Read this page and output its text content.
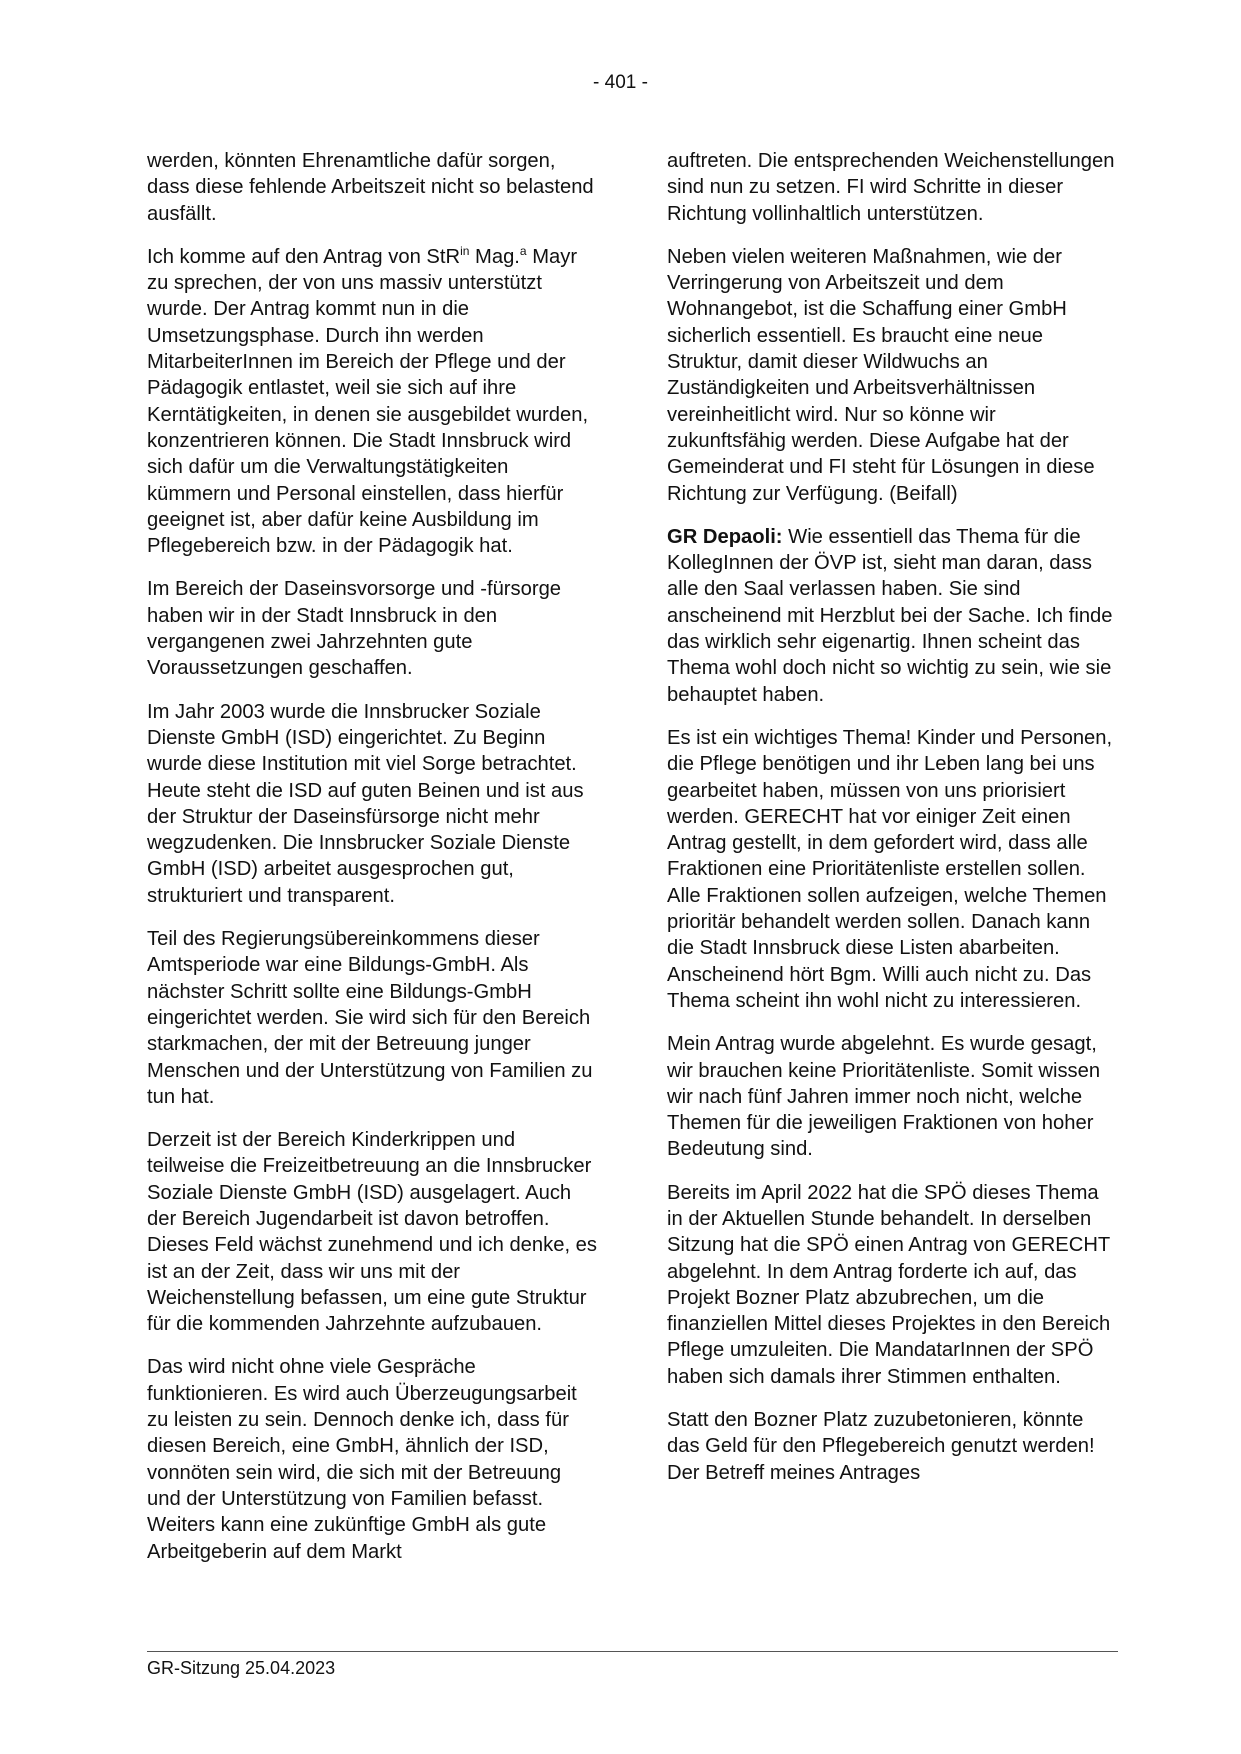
- 401 -

werden, könnten Ehrenamtliche dafür sorgen, dass diese fehlende Arbeitszeit nicht so belastend ausfällt.

Ich komme auf den Antrag von StR$^{in}$ Mag.$^a$ Mayr zu sprechen, der von uns massiv unterstützt wurde. Der Antrag kommt nun in die Umsetzungsphase. Durch ihn werden MitarbeiterInnen im Bereich der Pflege und der Pädagogik entlastet, weil sie sich auf ihre Kerntätigkeiten, in denen sie ausgebildet wurden, konzentrieren können. Die Stadt Innsbruck wird sich dafür um die Verwaltungstätigkeiten kümmern und Personal einstellen, dass hierfür geeignet ist, aber dafür keine Ausbildung im Pflegebereich bzw. in der Pädagogik hat.

Im Bereich der Daseinsvorsorge und -fürsorge haben wir in der Stadt Innsbruck in den vergangenen zwei Jahrzehnten gute Voraussetzungen geschaffen.

Im Jahr 2003 wurde die Innsbrucker Soziale Dienste GmbH (ISD) eingerichtet. Zu Beginn wurde diese Institution mit viel Sorge betrachtet. Heute steht die ISD auf guten Beinen und ist aus der Struktur der Daseinsfürsorge nicht mehr wegzudenken. Die Innsbrucker Soziale Dienste GmbH (ISD) arbeitet ausgesprochen gut, strukturiert und transparent.

Teil des Regierungsübereinkommens dieser Amtsperiode war eine Bildungs-GmbH. Als nächster Schritt sollte eine Bildungs-GmbH eingerichtet werden. Sie wird sich für den Bereich starkmachen, der mit der Betreuung junger Menschen und der Unterstützung von Familien zu tun hat.

Derzeit ist der Bereich Kinderkrippen und teilweise die Freizeitbetreuung an die Innsbrucker Soziale Dienste GmbH (ISD) ausgelagert. Auch der Bereich Jugendarbeit ist davon betroffen. Dieses Feld wächst zunehmend und ich denke, es ist an der Zeit, dass wir uns mit der Weichenstellung befassen, um eine gute Struktur für die kommenden Jahrzehnte aufzubauen.

Das wird nicht ohne viele Gespräche funktionieren. Es wird auch Überzeugungsarbeit zu leisten zu sein. Dennoch denke ich, dass für diesen Bereich, eine GmbH, ähnlich der ISD, vonnöten sein wird, die sich mit der Betreuung und der Unterstützung von Familien befasst. Weiters kann eine zukünftige GmbH als gute Arbeitgeberin auf dem Markt

auftreten. Die entsprechenden Weichenstellungen sind nun zu setzen. FI wird Schritte in dieser Richtung vollinhaltlich unterstützen.

Neben vielen weiteren Maßnahmen, wie der Verringerung von Arbeitszeit und dem Wohnangebot, ist die Schaffung einer GmbH sicherlich essentiell. Es braucht eine neue Struktur, damit dieser Wildwuchs an Zuständigkeiten und Arbeitsverhältnissen vereinheitlicht wird. Nur so könne wir zukunftsfähig werden. Diese Aufgabe hat der Gemeinderat und FI steht für Lösungen in diese Richtung zur Verfügung. (Beifall)

GR Depaoli: Wie essentiell das Thema für die KollegInnen der ÖVP ist, sieht man daran, dass alle den Saal verlassen haben. Sie sind anscheinend mit Herzblut bei der Sache. Ich finde das wirklich sehr eigenartig. Ihnen scheint das Thema wohl doch nicht so wichtig zu sein, wie sie behauptet haben.

Es ist ein wichtiges Thema! Kinder und Personen, die Pflege benötigen und ihr Leben lang bei uns gearbeitet haben, müssen von uns priorisiert werden. GERECHT hat vor einiger Zeit einen Antrag gestellt, in dem gefordert wird, dass alle Fraktionen eine Prioritätenliste erstellen sollen. Alle Fraktionen sollen aufzeigen, welche Themen prioritär behandelt werden sollen. Danach kann die Stadt Innsbruck diese Listen abarbeiten. Anscheinend hört Bgm. Willi auch nicht zu. Das Thema scheint ihn wohl nicht zu interessieren.

Mein Antrag wurde abgelehnt. Es wurde gesagt, wir brauchen keine Prioritätenliste. Somit wissen wir nach fünf Jahren immer noch nicht, welche Themen für die jeweiligen Fraktionen von hoher Bedeutung sind.

Bereits im April 2022 hat die SPÖ dieses Thema in der Aktuellen Stunde behandelt. In derselben Sitzung hat die SPÖ einen Antrag von GERECHT abgelehnt. In dem Antrag forderte ich auf, das Projekt Bozner Platz abzubrechen, um die finanziellen Mittel dieses Projektes in den Bereich Pflege umzuleiten. Die MandatarInnen der SPÖ haben sich damals ihrer Stimmen enthalten.

Statt den Bozner Platz zuzubetonieren, könnte das Geld für den Pflegebereich genutzt werden! Der Betreff meines Antrages

GR-Sitzung 25.04.2023
